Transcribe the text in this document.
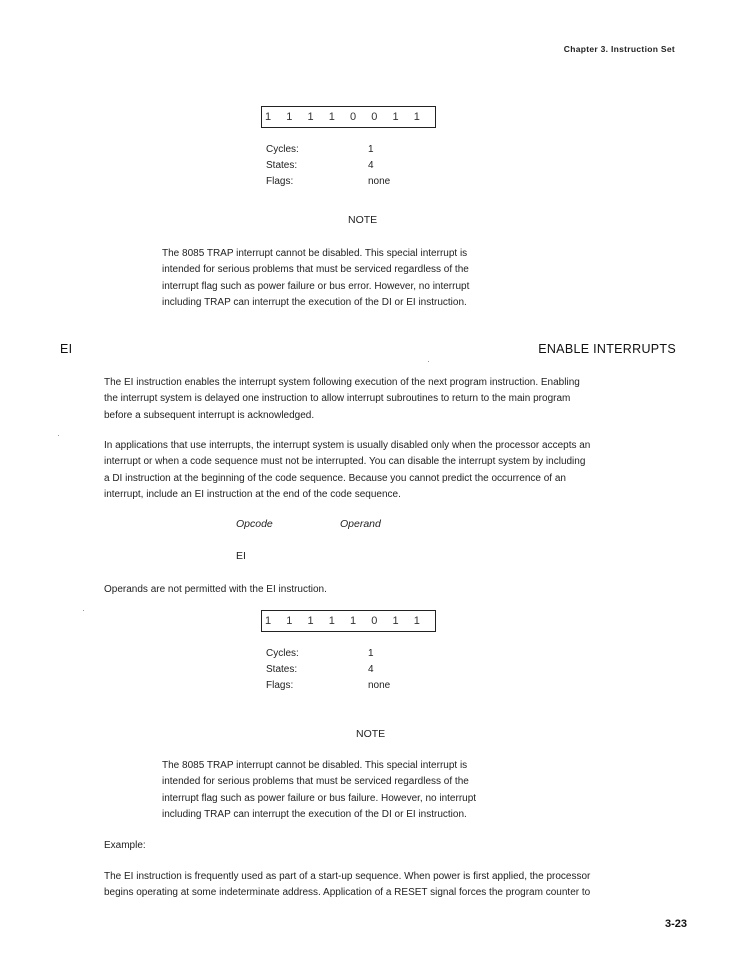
Chapter 3. Instruction Set
1	1	1	1	0	0	1	1
Cycles:	1
States:	4
Flags:	none
NOTE
The 8085 TRAP interrupt cannot be disabled. This special interrupt is
intended for serious problems that must be serviced regardless of the
interrupt flag such as power failure or bus error. However, no interrupt
including TRAP can interrupt the execution of the DI or EI instruction.
EI	ENABLE INTERRUPTS
The EI instruction enables the interrupt system following execution of the next program instruction. Enabling
the interrupt system is delayed one instruction to allow interrupt subroutines to return to the main program
before a subsequent interrupt is acknowledged.
In applications that use interrupts, the interrupt system is usually disabled only when the processor accepts an
interrupt or when a code sequence must not be interrupted. You can disable the interrupt system by including
a DI instruction at the beginning of the code sequence. Because you cannot predict the occurrence of an
interrupt, include an EI instruction at the end of the code sequence.
Opcode	Operand
EI
Operands are not permitted with the EI instruction.
1	1	1	1	1	0	1	1
Cycles:	1
States:	4
Flags:	none
NOTE
The 8085 TRAP interrupt cannot be disabled. This special interrupt is
intended for serious problems that must be serviced regardless of the
interrupt flag such as power failure or bus failure. However, no interrupt
including TRAP can interrupt the execution of the DI or EI instruction.
Example:
The EI instruction is frequently used as part of a start-up sequence. When power is first applied, the processor
begins operating at some indeterminate address. Application of a RESET signal forces the program counter to
3-23
